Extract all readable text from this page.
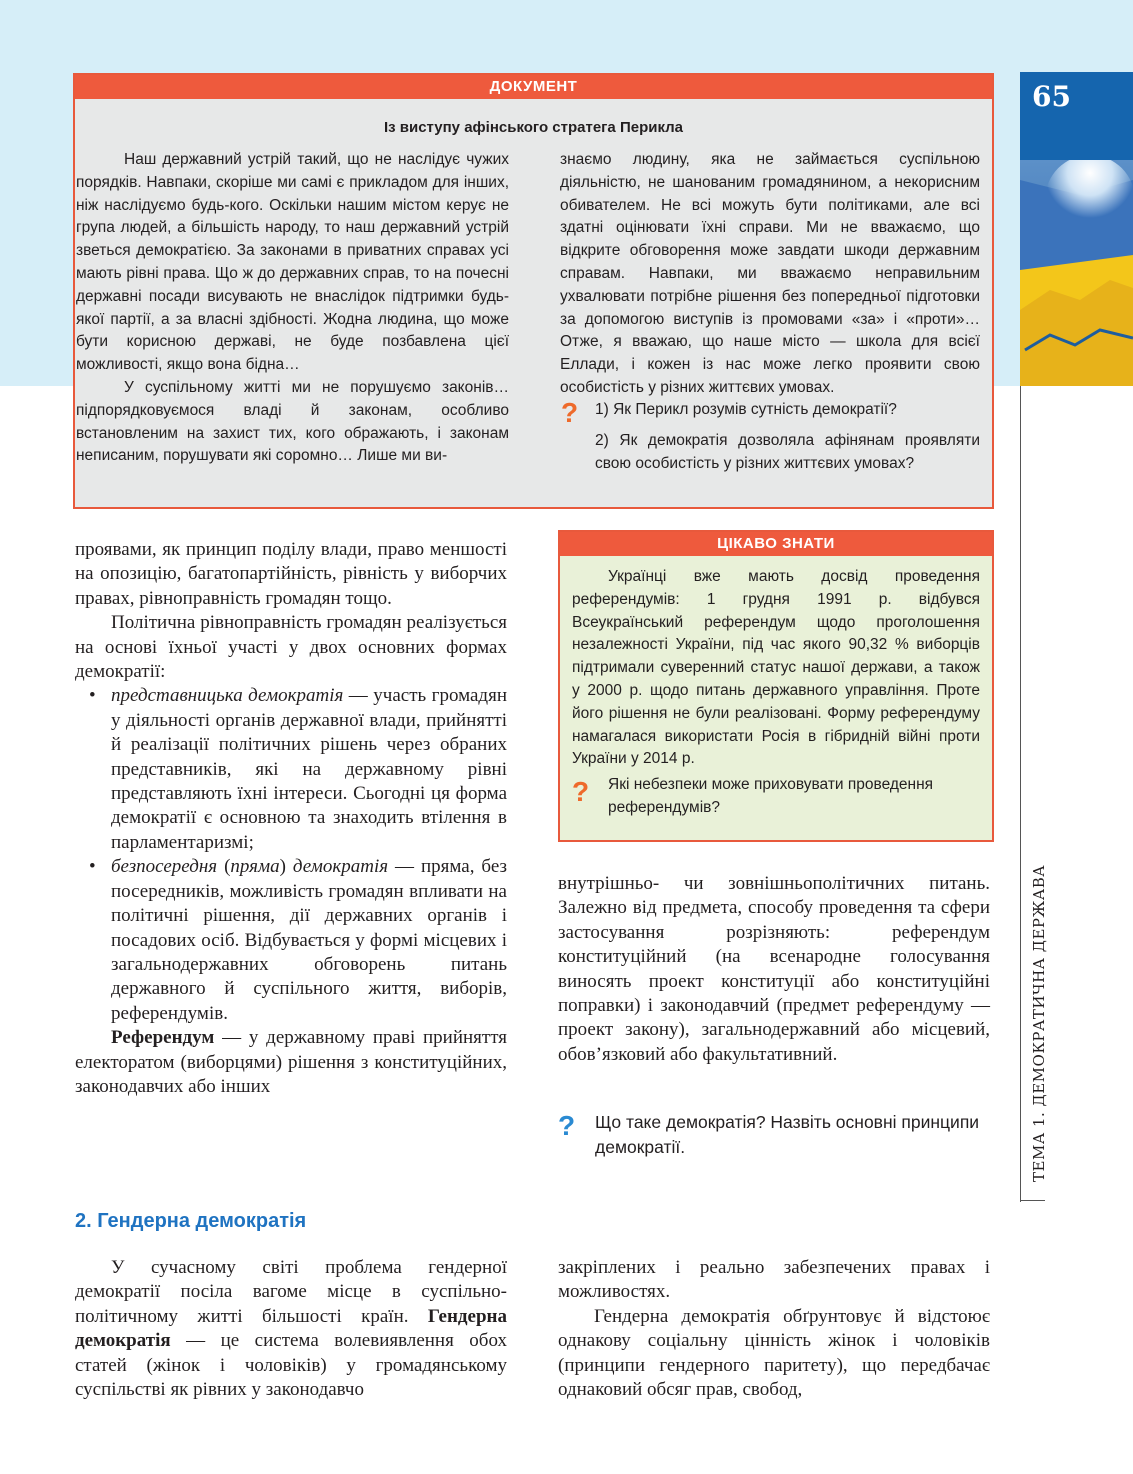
65
ТЕМА 1. ДЕМОКРАТИЧНА ДЕРЖАВА
ДОКУМЕНТ
Із виступу афінського стратега Перикла

Наш державний устрій такий, що не наслідує чужих порядків. Навпаки, скоріше ми самі є прикладом для інших, ніж наслідуємо будь-кого. Оскільки нашим містом керує не група людей, а більшість народу, то наш державний устрій зветься демократією. За законами в приватних справах усі мають рівні права. Що ж до державних справ, то на почесні державні посади висувають не внаслідок підтримки будь-якої партії, а за власні здібності. Жодна людина, що може бути корисною державі, не буде позбавлена цієї можливості, якщо вона бідна…

У суспільному житті ми не порушуємо законів… підпорядковуємося владі й законам, особливо встановленим на захист тих, кого ображають, і законам неписаним, порушувати які соромно… Лише ми ви-

знаємо людину, яка не займається суспільною діяльністю, не шанованим громадянином, а некорисним обивателем. Не всі можуть бути політиками, але всі здатні оцінювати їхні справи. Ми не вважаємо, що відкрите обговорення може завдати шкоди державним справам. Навпаки, ми вважаємо неправильним ухвалювати потрібне рішення без попередньої підготовки за допомогою виступів із промовами «за» і «проти»… Отже, я вважаю, що наше місто — школа для всієї Еллади, і кожен із нас може легко проявити свою особистість у різних життєвих умовах.

? 1) Як Перикл розумів сутність демократії?

2) Як демократія дозволяла афінянам проявляти свою особистість у різних життєвих умовах?

проявами, як принцип поділу влади, право меншості на опозицію, багатопартійність, рівність у виборчих правах, рівноправність громадян тощо.

Політична рівноправність громадян реалізується на основі їхньої участі у двох основних формах демократії:

• представницька демократія — участь громадян у діяльності органів державної влади, прийнятті й реалізації політичних рішень через обраних представників, які на державному рівні представляють їхні інтереси. Сьогодні ця форма демократії є основною та знаходить втілення в парламентаризмі;
• безпосередня (пряма) демократія — пряма, без посередників, можливість громадян впливати на політичні рішення, дії державних органів і посадових осіб. Відбувається у формі місцевих і загальнодержавних обговорень питань державного й суспільного життя, виборів, референдумів.

Референдум — у державному праві прийняття електоратом (виборцями) рішення з конституційних, законодавчих або інших

ЦІКАВО ЗНАТИ

Українці вже мають досвід проведення референдумів: 1 грудня 1991 р. відбувся Всеукраїнський референдум щодо проголошення незалежності України, під час якого 90,32 % виборців підтримали суверенний статус нашої держави, а також у 2000 р. щодо питань державного управління. Проте його рішення не були реалізовані. Форму референдуму намагалася використати Росія в гібридній війні проти України у 2014 р.

? Які небезпеки може приховувати проведення референдумів?

внутрішньо- чи зовнішньополітичних питань. Залежно від предмета, способу проведення та сфери застосування розрізняють: референдум конституційний (на всенародне голосування виносять проект конституції або конституційні поправки) і законодавчий (предмет референдуму — проект закону), загальнодержавний або місцевий, обов’язковий або факультативний.

? Що таке демократія? Назвіть основні принципи демократії.
2. Гендерна демократія

У сучасному світі проблема гендерної демократії посіла вагоме місце в суспільно-політичному житті більшості країн. Гендерна демократія — це система волевиявлення обох статей (жінок і чоловіків) у громадянському суспільстві як рівних у законодавчо

закріплених і реально забезпечених правах і можливостях.

Гендерна демократія обґрунтовує й відстоює однакову соціальну цінність жінок і чоловіків (принципи гендерного паритету), що передбачає однаковий обсяг прав, свобод,
